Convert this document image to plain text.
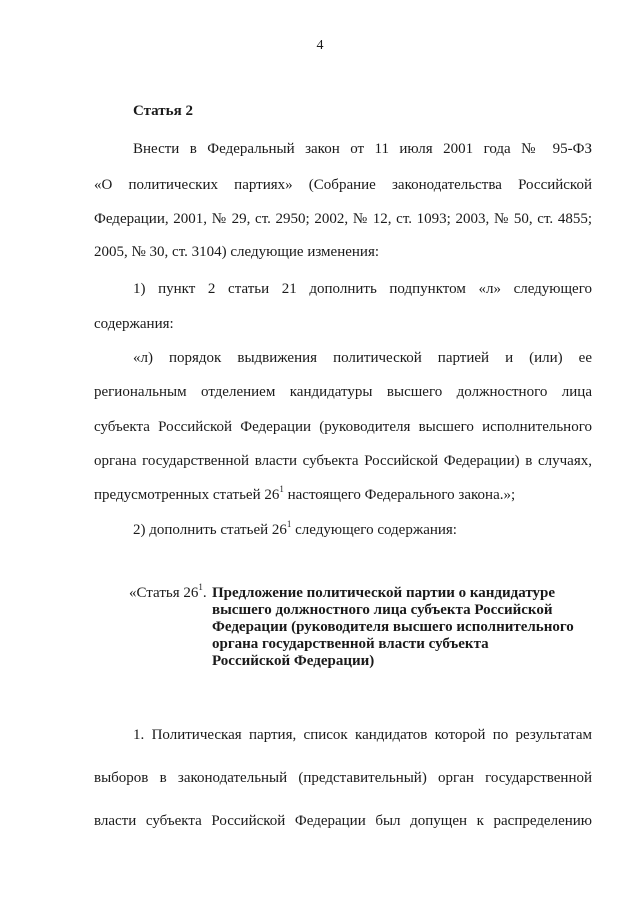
4
Статья 2
Внести в Федеральный закон от 11 июля 2001 года № 95-ФЗ
«О политических партиях» (Собрание законодательства Российской
Федерации, 2001, № 29, ст. 2950; 2002, № 12, ст. 1093; 2003, № 50, ст. 4855;
2005, № 30, ст. 3104) следующие изменения:
1) пункт 2 статьи 21 дополнить подпунктом «л» следующего
содержания:
«л) порядок выдвижения политической партией и (или) ее
региональным отделением кандидатуры высшего должностного лица
субъекта Российской Федерации (руководителя высшего исполнительного
органа государственной власти субъекта Российской Федерации) в случаях,
предусмотренных статьей $26^1$ настоящего Федерального закона.»;
2) дополнить статьей $26^1$ следующего содержания:
«Статья $26^1$. Предложение политической партии о кандидатуре
высшего должностного лица субъекта Российской
Федерации (руководителя высшего исполнительного
органа государственной власти субъекта
Российской Федерации)
1. Политическая партия, список кандидатов которой по результатам
выборов в законодательный (представительный) орган государственной
власти субъекта Российской Федерации был допущен к распределению
